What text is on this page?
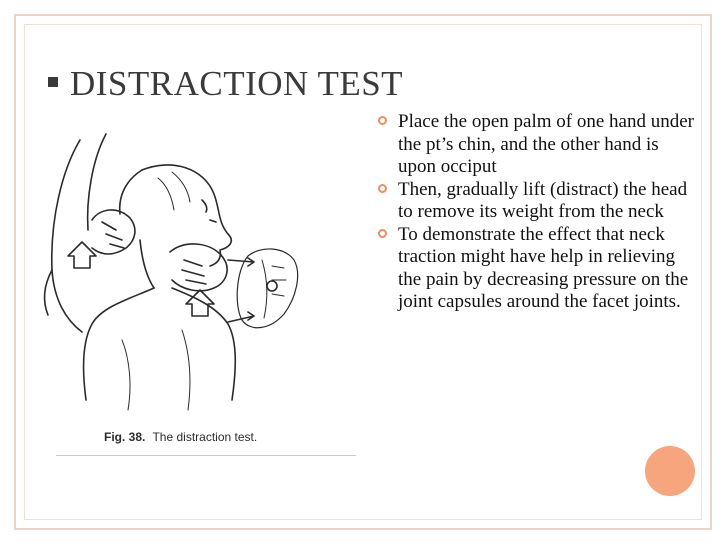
DISTRACTION TEST
Fig. 38. The distraction test.
Place the open palm of one hand under the pt’s chin, and the other hand is upon occiput
Then, gradually lift (distract) the head to remove its weight from the neck
To demonstrate the effect that neck traction might have help in relieving the pain by decreasing pressure on the joint capsules around the facet joints.
